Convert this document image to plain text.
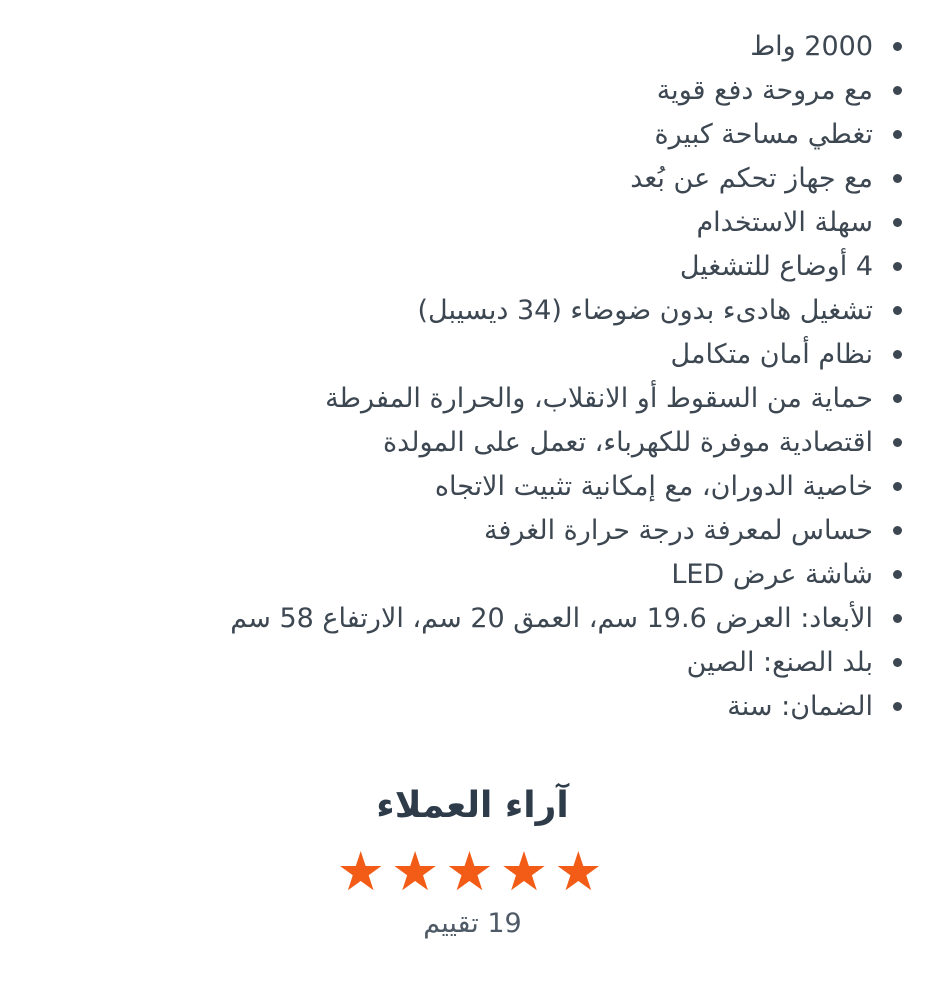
2000 واط
مع مروحة دفع قوية
تغطي مساحة كبيرة
مع جهاز تحكم عن بُعد
سهلة الاستخدام
4 أوضاع للتشغيل
تشغيل هادىء بدون ضوضاء (34 ديسيبل)
نظام أمان متكامل
حماية من السقوط أو الانقلاب، والحرارة المفرطة
اقتصادية موفرة للكهرباء، تعمل على المولدة
خاصية الدوران، مع إمكانية تثبيت الاتجاه
حساس لمعرفة درجة حرارة الغرفة
شاشة عرض LED
الأبعاد: العرض 19.6 سم، العمق 20 سم، الارتفاع 58 سم
بلد الصنع: الصين
الضمان: سنة
آراء العملاء
★★★★★
19 تقييم
